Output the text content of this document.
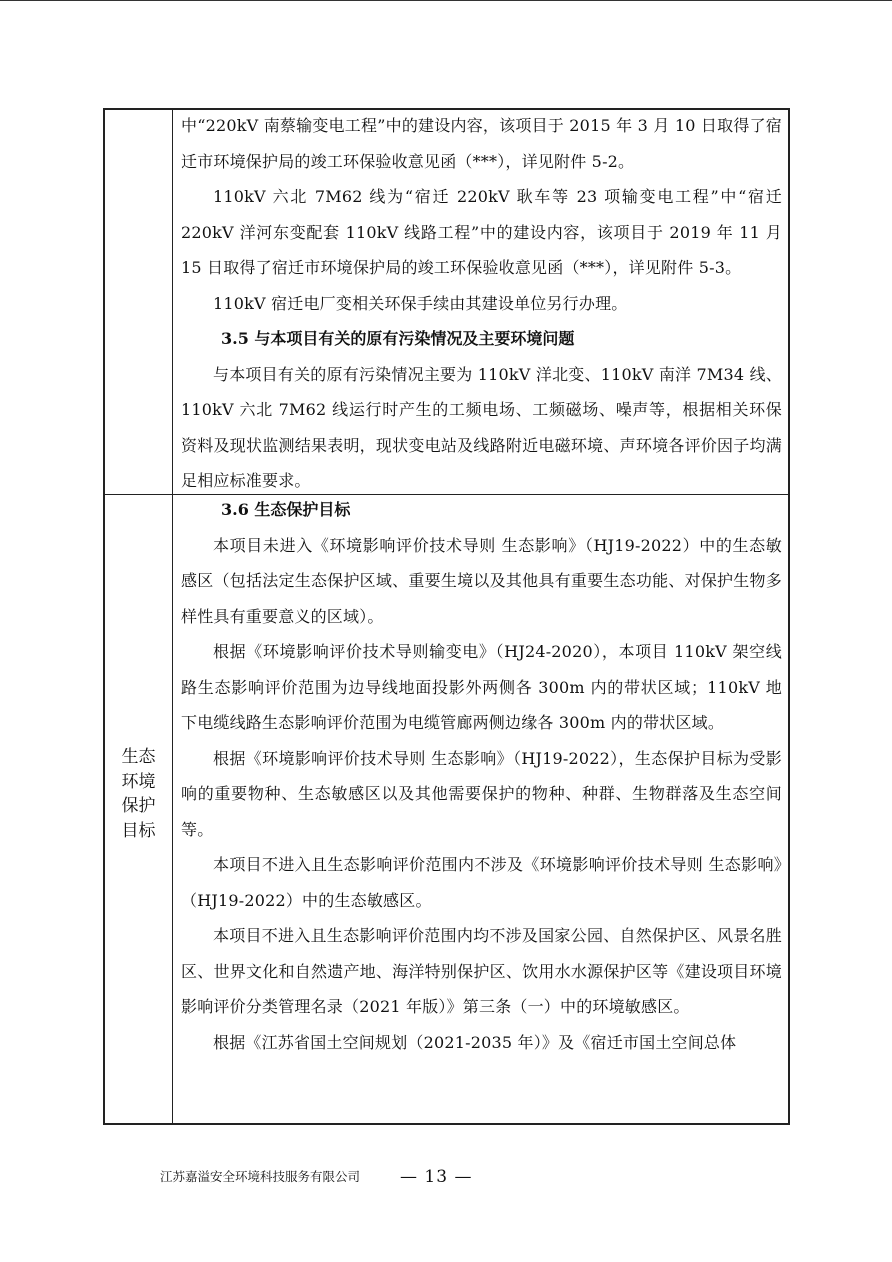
中“220kV 南蔡输变电工程”中的建设内容，该项目于 2015 年 3 月 10 日取得了宿迁市环境保护局的竣工环保验收意见函（***），详见附件 5-2。

110kV 六北 7M62 线为“宿迁 220kV 耿车等 23 项输变电工程”中“宿迁 220kV 洋河东变配套 110kV 线路工程”中的建设内容，该项目于 2019 年 11 月 15 日取得了宿迁市环境保护局的竣工环保验收意见函（***），详见附件 5-3。

110kV 宿迁电厂变相关环保手续由其建设单位另行办理。

3.5 与本项目有关的原有污染情况及主要环境问题

与本项目有关的原有污染情况主要为 110kV 洋北变、110kV 南洋 7M34 线、110kV 六北 7M62 线运行时产生的工频电场、工频磁场、噪声等，根据相关环保资料及现状监测结果表明，现状变电站及线路附近电磁环境、声环境各评价因子均满足相应标准要求。

生态
环境
保护
目标

3.6 生态保护目标

本项目未进入《环境影响评价技术导则 生态影响》（HJ19-2022）中的生态敏感区（包括法定生态保护区域、重要生境以及其他具有重要生态功能、对保护生物多样性具有重要意义的区域）。

根据《环境影响评价技术导则输变电》（HJ24-2020），本项目 110kV 架空线路生态影响评价范围为边导线地面投影外两侧各 300m 内的带状区域；110kV 地下电缆线路生态影响评价范围为电缆管廊两侧边缘各 300m 内的带状区域。

根据《环境影响评价技术导则 生态影响》（HJ19-2022），生态保护目标为受影响的重要物种、生态敏感区以及其他需要保护的物种、种群、生物群落及生态空间等。

本项目不进入且生态影响评价范围内不涉及《环境影响评价技术导则 生态影响》（HJ19-2022）中的生态敏感区。

本项目不进入且生态影响评价范围内均不涉及国家公园、自然保护区、风景名胜区、世界文化和自然遗产地、海洋特别保护区、饮用水水源保护区等《建设项目环境影响评价分类管理名录（2021 年版）》第三条（一）中的环境敏感区。

根据《江苏省国土空间规划（2021-2035 年）》及《宿迁市国土空间总体

江苏嘉溢安全环境科技服务有限公司 — 13 —
